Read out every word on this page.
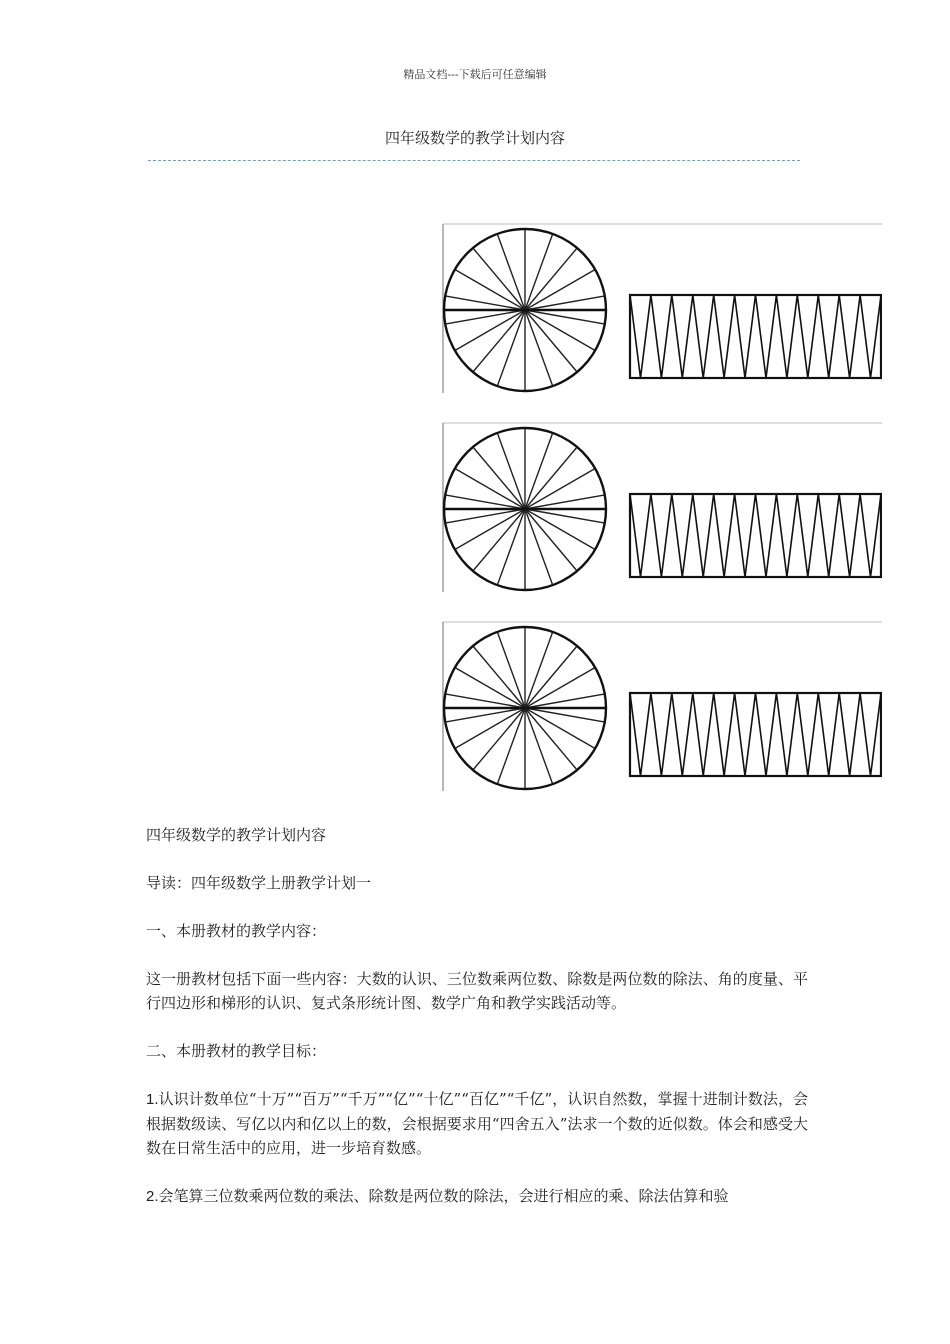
精品文档---下载后可任意编辑
四年级数学的教学计划内容

四年级数学的教学计划内容

导读：四年级数学上册教学计划一

一、本册教材的教学内容：

这一册教材包括下面一些内容：大数的认识、三位数乘两位数、除数是两位数的除法、角的度量、平行四边形和梯形的认识、复式条形统计图、数学广角和教学实践活动等。

二、本册教材的教学目标：

1.认识计数单位“十万”“百万”“千万”“亿”“十亿”“百亿”“千亿”，认识自然数，掌握十进制计数法，会根据数级读、写亿以内和亿以上的数，会根据要求用“四舍五入”法求一个数的近似数。体会和感受大数在日常生活中的应用，进一步培育数感。

2.会笔算三位数乘两位数的乘法、除数是两位数的除法，会进行相应的乘、除法估算和验
